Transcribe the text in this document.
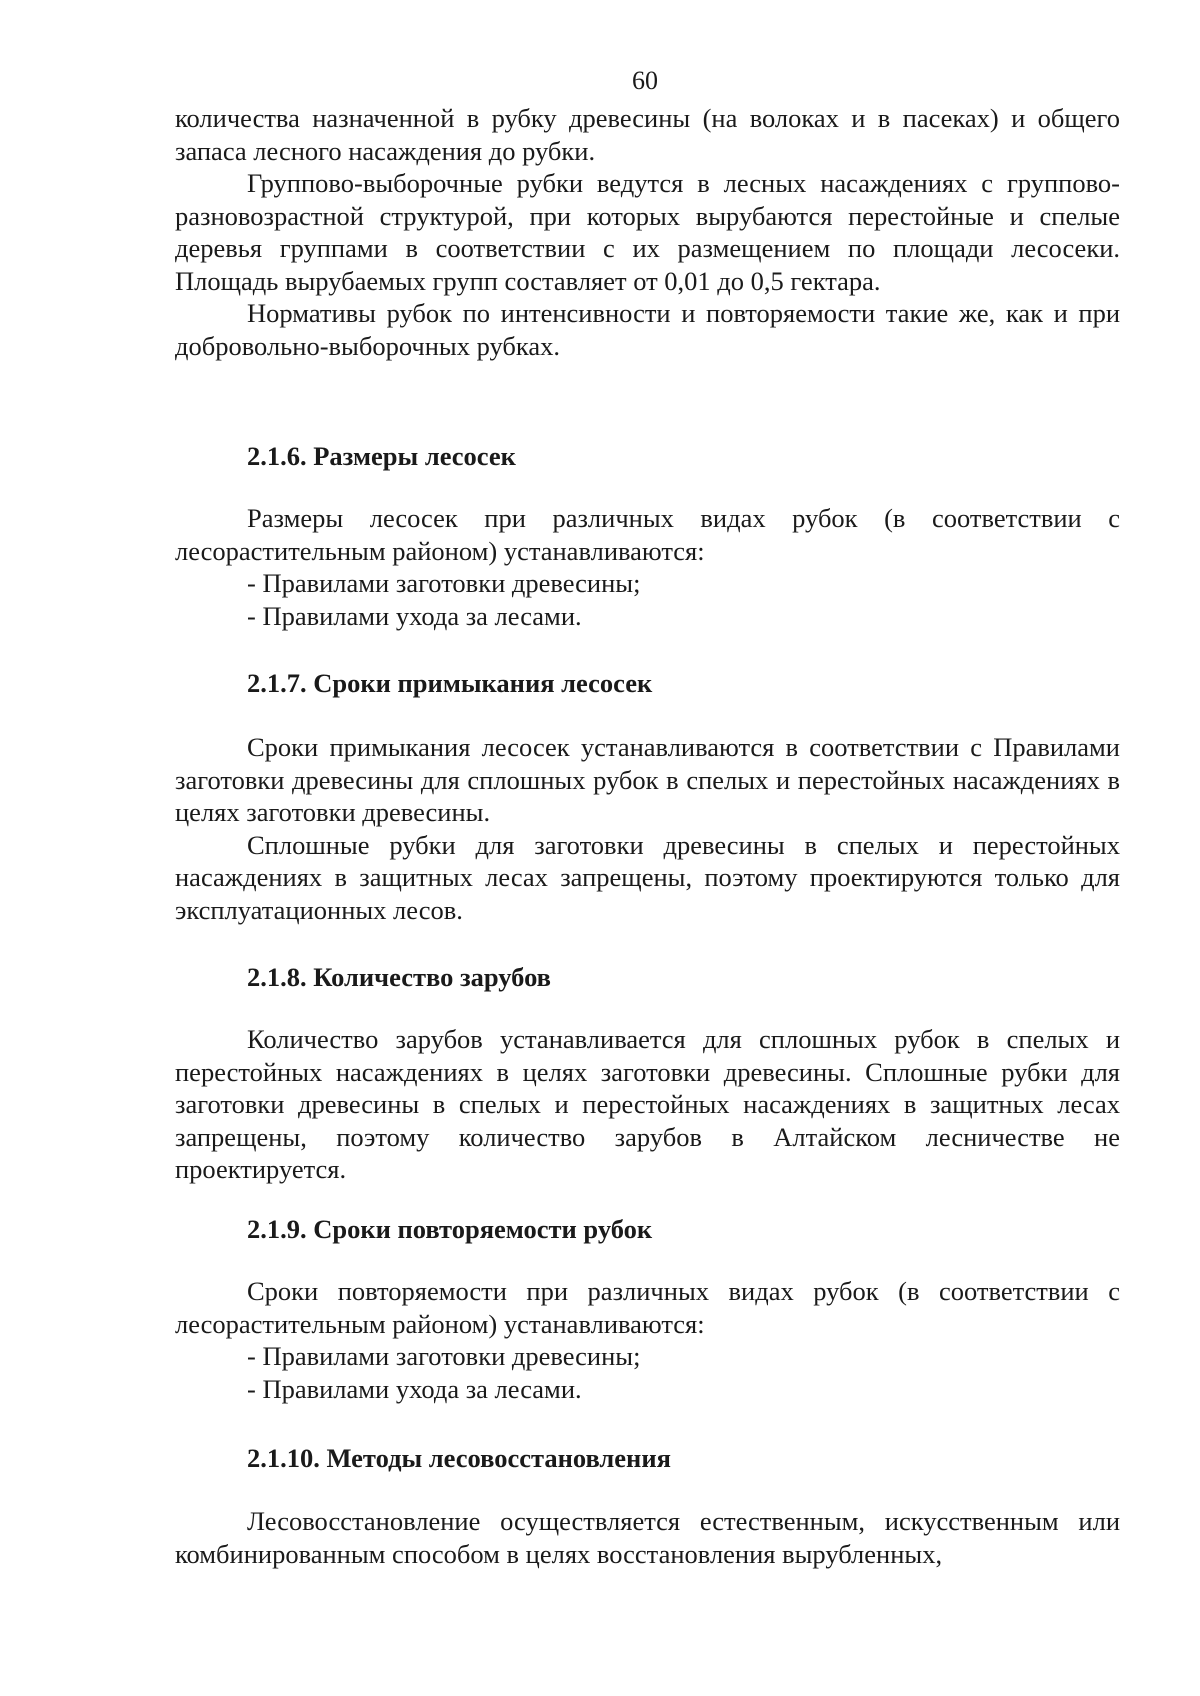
60

количества назначенной в рубку древесины (на волоках и в пасеках) и общего запаса лесного насаждения до рубки.

Группово-выборочные рубки ведутся в лесных насаждениях с группово-разновозрастной структурой, при которых вырубаются перестойные и спелые деревья группами в соответствии с их размещением по площади лесосеки. Площадь вырубаемых групп составляет от 0,01 до 0,5 гектара.

Нормативы рубок по интенсивности и повторяемости такие же, как и при добровольно-выборочных рубках.

2.1.6. Размеры лесосек

Размеры лесосек при различных видах рубок (в соответствии с лесорастительным районом) устанавливаются:

- Правилами заготовки древесины;

- Правилами ухода за лесами.

2.1.7. Сроки примыкания лесосек

Сроки примыкания лесосек устанавливаются в соответствии с Правилами заготовки древесины для сплошных рубок в спелых и перестойных насаждениях в целях заготовки древесины.

Сплошные рубки для заготовки древесины в спелых и перестойных насаждениях в защитных лесах запрещены, поэтому проектируются только для эксплуатационных лесов.

2.1.8. Количество зарубов

Количество зарубов устанавливается для сплошных рубок в спелых и перестойных насаждениях в целях заготовки древесины. Сплошные рубки для заготовки древесины в спелых и перестойных насаждениях в защитных лесах запрещены, поэтому количество зарубов в Алтайском лесничестве не проектируется.

2.1.9. Сроки повторяемости рубок

Сроки повторяемости при различных видах рубок (в соответствии с лесорастительным районом) устанавливаются:

- Правилами заготовки древесины;

- Правилами ухода за лесами.

2.1.10. Методы лесовосстановления

Лесовосстановление осуществляется естественным, искусственным или комбинированным способом в целях восстановления вырубленных,
